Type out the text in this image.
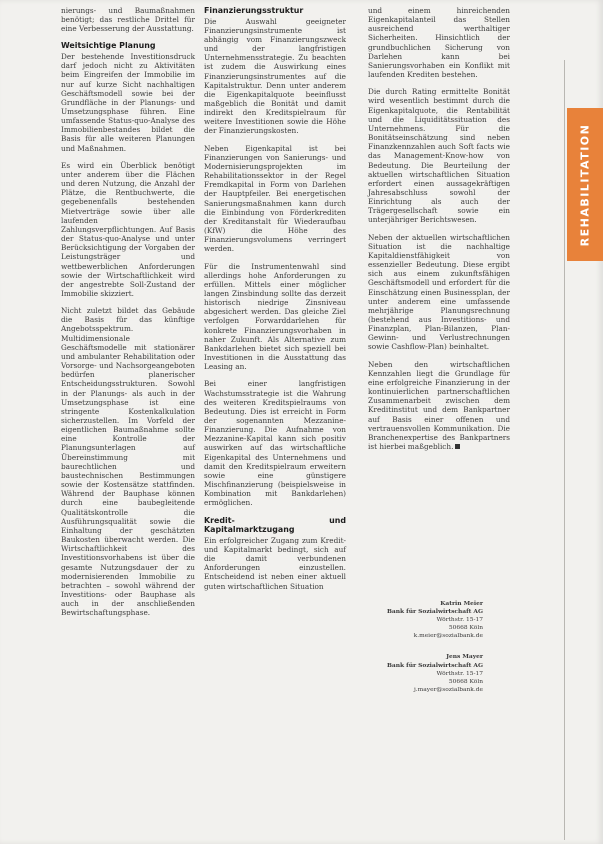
nierungs- und Baumaßnahmen benötigt; das restliche Drittel für eine Verbesserung der Ausstattung.

Weitsichtige Planung

Der bestehende Investitionsdruck darf jedoch nicht zu Aktivitäten beim Eingreifen der Immobilie im nur auf kurze Sicht nachhaltigen Geschäftsmodell sowie bei der Grundfläche in der Planungs- und Umsetzungsphase führen. Eine umfassende Status-quo-Analyse des Immobilienbestandes bildet die Basis für alle weiteren Planungen und Maßnahmen.

Es wird ein Überblick benötigt unter anderem über die Flächen und deren Nutzung, die Anzahl der Plätze, die Rentbuchwerte, die gegebenenfalls bestehenden Mietverträge sowie über alle laufenden Zahlungsverpflichtungen. Auf Basis der Status-quo-Analyse und unter Berücksichtigung der Vorgaben der Leistungsträger und wettbewerblichen Anforderungen sowie der Wirtschaftlichkeit wird der angestrebte Soll-Zustand der Immobilie skizziert.

Nicht zuletzt bildet das Gebäude die Basis für das künftige Angebotsspektrum. Multidimensionale Geschäftsmodelle mit stationärer und ambulanter Rehabilitation oder Vorsorge- und Nachsorgeangeboten bedürfen planerischer Entscheidungsstrukturen. Sowohl in der Planungs- als auch in der Umsetzungsphase ist eine stringente Kostenkalkulation sicherzustellen. Im Vorfeld der eigentlichen Baumaßnahme sollte eine Kontrolle der Planungsunterlagen auf Übereinstimmung mit baurechtlichen und baustechnischen Bestimmungen sowie der Kostensätze stattfinden. Während der Bauphase können durch eine baubegleitende Qualitätskontrolle die Ausführungsqualität sowie die Einhaltung der geschätzten Baukosten überwacht werden. Die Wirtschaftlichkeit des Investitionsvorhabens ist über die gesamte Nutzungsdauer der zu modernisierenden Immobilie zu betrachten – sowohl während der Investitions- oder Bauphase als auch in der anschließenden Bewirtschaftungsphase.

Finanzierungsstruktur

Die Auswahl geeigneter Finanzierungsinstrumente ist abhängig vom Finanzierungszweck und der langfristigen Unternehmensstrategie. Zu beachten ist zudem die Auswirkung eines Finanzierungsinstrumentes auf die Kapitalstruktur. Denn unter anderem die Eigenkapitalquote beeinflusst maßgeblich die Bonität und damit indirekt den Kreditspielraum für weitere Investitionen sowie die Höhe der Finanzierungskosten.

Neben Eigenkapital ist bei Finanzierungen von Sanierungs- und Modernisierungsprojekten im Rehabilitationssektor in der Regel Fremdkapital in Form von Darlehen der Hauptpfeiler. Bei energetischen Sanierungsmaßnahmen kann durch die Einbindung von Förderkrediten der Kreditanstalt für Wiederaufbau (KfW) die Höhe des Finanzierungsvolumens verringert werden.

Für die Instrumentenwahl sind allerdings hohe Anforderungen zu erfüllen. Mittels einer möglicher langen Zinsbindung sollte das derzeit historisch niedrige Zinsniveau abgesichert werden. Das gleiche Ziel verfolgen Forwarddarlehen für konkrete Finanzierungsvorhaben in naher Zukunft. Als Alternative zum Bankdarlehen bietet sich speziell bei Investitionen in die Ausstattung das Leasing an.

Bei einer langfristigen Wachstumsstrategie ist die Wahrung des weiteren Kreditspielraums von Bedeutung. Dies ist erreicht in Form der sogenannten Mezzanine-Finanzierung. Die Aufnahme von Mezzanine-Kapital kann sich positiv auswirken auf das wirtschaftliche Eigenkapital des Unternehmens und damit den Kreditspielraum erweitern sowie eine günstigere Mischfinanzierung (beispielsweise in Kombination mit Bankdarlehen) ermöglichen.

Kredit- und Kapitalmarktzugang

Ein erfolgreicher Zugang zum Kredit- und Kapitalmarkt bedingt, sich auf die damit verbundenen Anforderungen einzustellen. Entscheidend ist neben einer aktuell guten wirtschaftlichen Situation

und einem hinreichenden Eigenkapitalanteil das Stellen ausreichend werthaltiger Sicherheiten. Hinsichtlich der grundbuchlichen Sicherung von Darlehen kann bei Sanierungsvorhaben ein Konflikt mit laufenden Krediten bestehen.

Die durch Rating ermittelte Bonität wird wesentlich bestimmt durch die Eigenkapitalquote, die Rentabilität und die Liquiditätssituation des Unternehmens. Für die Bonitätseinschätzung sind neben Finanzkennzahlen auch Soft facts wie das Management-Know-how von Bedeutung. Die Beurteilung der aktuellen wirtschaftlichen Situation erfordert einen aussagekräftigen Jahresabschluss sowohl der Einrichtung als auch der Trägergesellschaft sowie ein unterjähriger Berichtswesen.

Neben der aktuellen wirtschaftlichen Situation ist die nachhaltige Kapitaldienstfähigkeit von essenzieller Bedeutung. Diese ergibt sich aus einem zukunftsfähigen Geschäftsmodell und erfordert für die Einschätzung einen Businessplan, der unter anderem eine umfassende mehrjährige Planungsrechnung (bestehend aus Investitions- und Finanzplan, Plan-Bilanzen, Plan-Gewinn- und Verlustrechnungen sowie Cashflow-Plan) beinhaltet.

Neben den wirtschaftlichen Kennzahlen liegt die Grundlage für eine erfolgreiche Finanzierung in der kontinuierlichen partnerschaftlichen Zusammenarbeit zwischen dem Kreditinstitut und dem Bankpartner auf Basis einer offenen und vertrauensvollen Kommunikation. Die Branchenexpertise des Bankpartners ist hierbei maßgeblich.

Katrin Meier
Bank für Sozialwirtschaft AG
Wörthstr. 15-17
50668 Köln
k.meier@sozialbank.de
Jens Mayer
Bank für Sozialwirtschaft AG
Wörthstr. 15-17
50668 Köln
j.mayer@sozialbank.de
REHABILITATION
